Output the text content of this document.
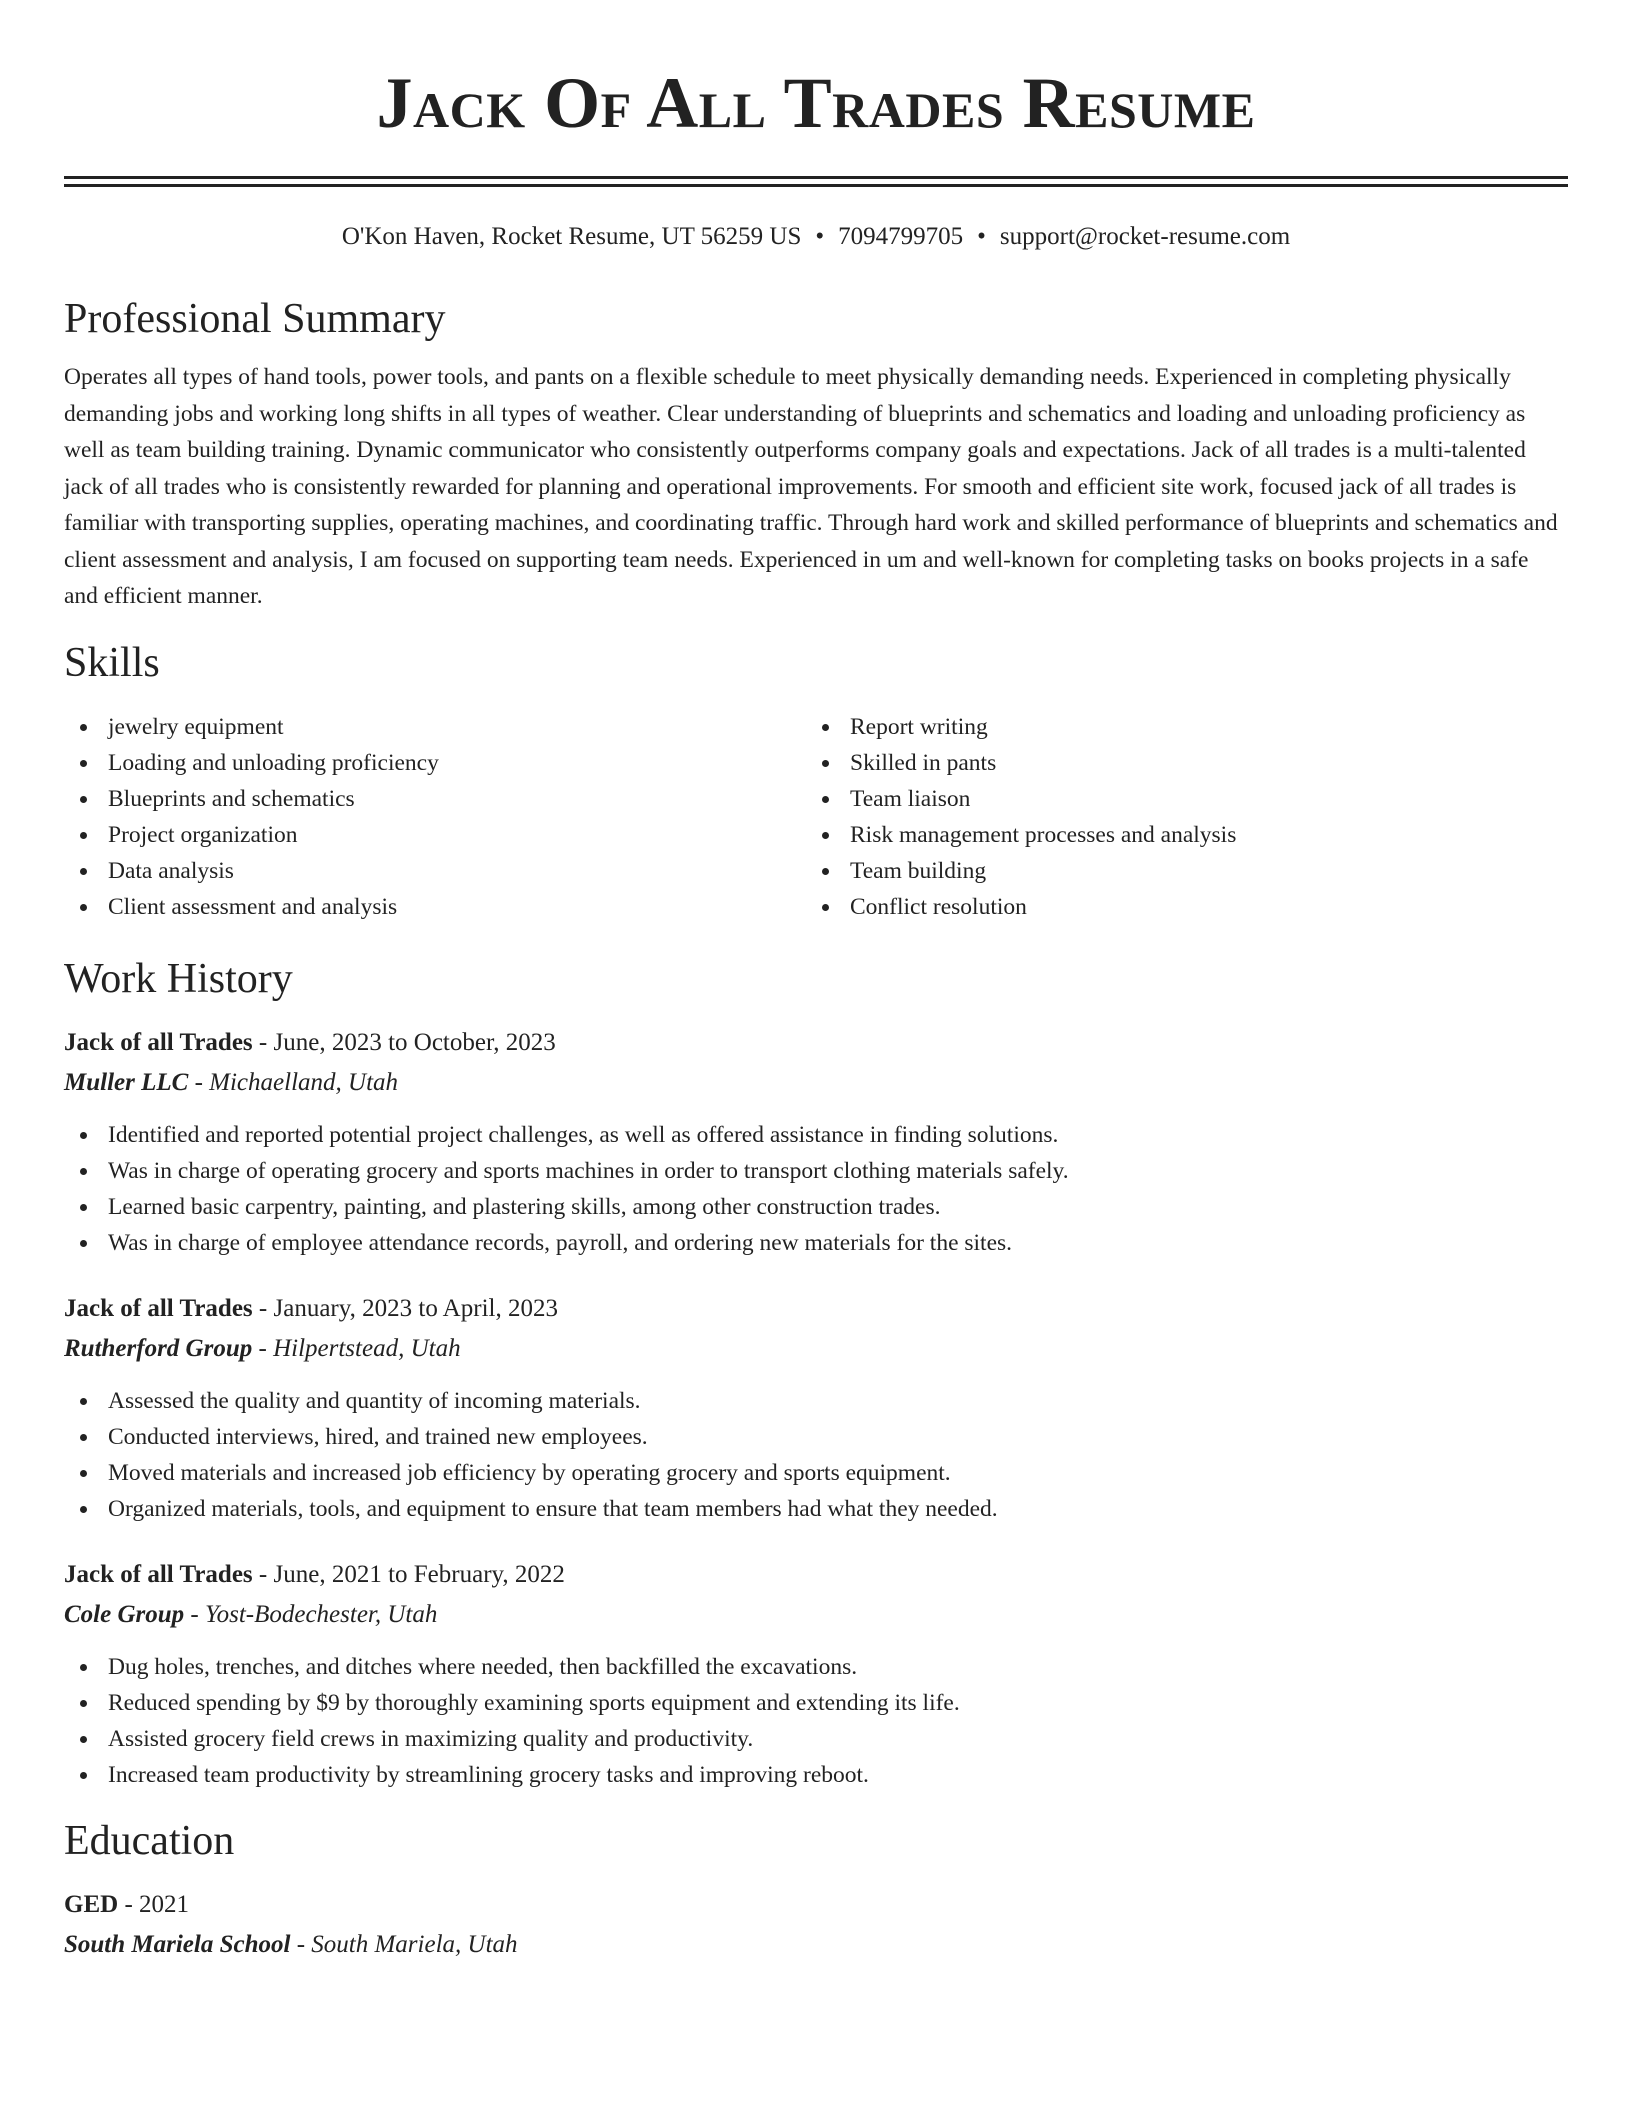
Jack Of All Trades Resume
O'Kon Haven, Rocket Resume, UT 56259 US • 7094799705 • support@rocket-resume.com
Professional Summary

Operates all types of hand tools, power tools, and pants on a flexible schedule to meet physically demanding needs. Experienced in completing physically demanding jobs and working long shifts in all types of weather. Clear understanding of blueprints and schematics and loading and unloading proficiency as well as team building training. Dynamic communicator who consistently outperforms company goals and expectations. Jack of all trades is a multi-talented jack of all trades who is consistently rewarded for planning and operational improvements. For smooth and efficient site work, focused jack of all trades is familiar with transporting supplies, operating machines, and coordinating traffic. Through hard work and skilled performance of blueprints and schematics and client assessment and analysis, I am focused on supporting team needs. Experienced in um and well-known for completing tasks on books projects in a safe and efficient manner.

Skills
jewelry equipment
Loading and unloading proficiency
Blueprints and schematics
Project organization
Data analysis
Client assessment and analysis
Report writing
Skilled in pants
Team liaison
Risk management processes and analysis
Team building
Conflict resolution
Work History
Jack of all Trades - June, 2023 to October, 2023
Muller LLC - Michaelland, Utah
Identified and reported potential project challenges, as well as offered assistance in finding solutions.
Was in charge of operating grocery and sports machines in order to transport clothing materials safely.
Learned basic carpentry, painting, and plastering skills, among other construction trades.
Was in charge of employee attendance records, payroll, and ordering new materials for the sites.
Jack of all Trades - January, 2023 to April, 2023
Rutherford Group - Hilpertstead, Utah
Assessed the quality and quantity of incoming materials.
Conducted interviews, hired, and trained new employees.
Moved materials and increased job efficiency by operating grocery and sports equipment.
Organized materials, tools, and equipment to ensure that team members had what they needed.
Jack of all Trades - June, 2021 to February, 2022
Cole Group - Yost-Bodechester, Utah
Dug holes, trenches, and ditches where needed, then backfilled the excavations.
Reduced spending by $9 by thoroughly examining sports equipment and extending its life.
Assisted grocery field crews in maximizing quality and productivity.
Increased team productivity by streamlining grocery tasks and improving reboot.
Education
GED - 2021
South Mariela School - South Mariela, Utah
